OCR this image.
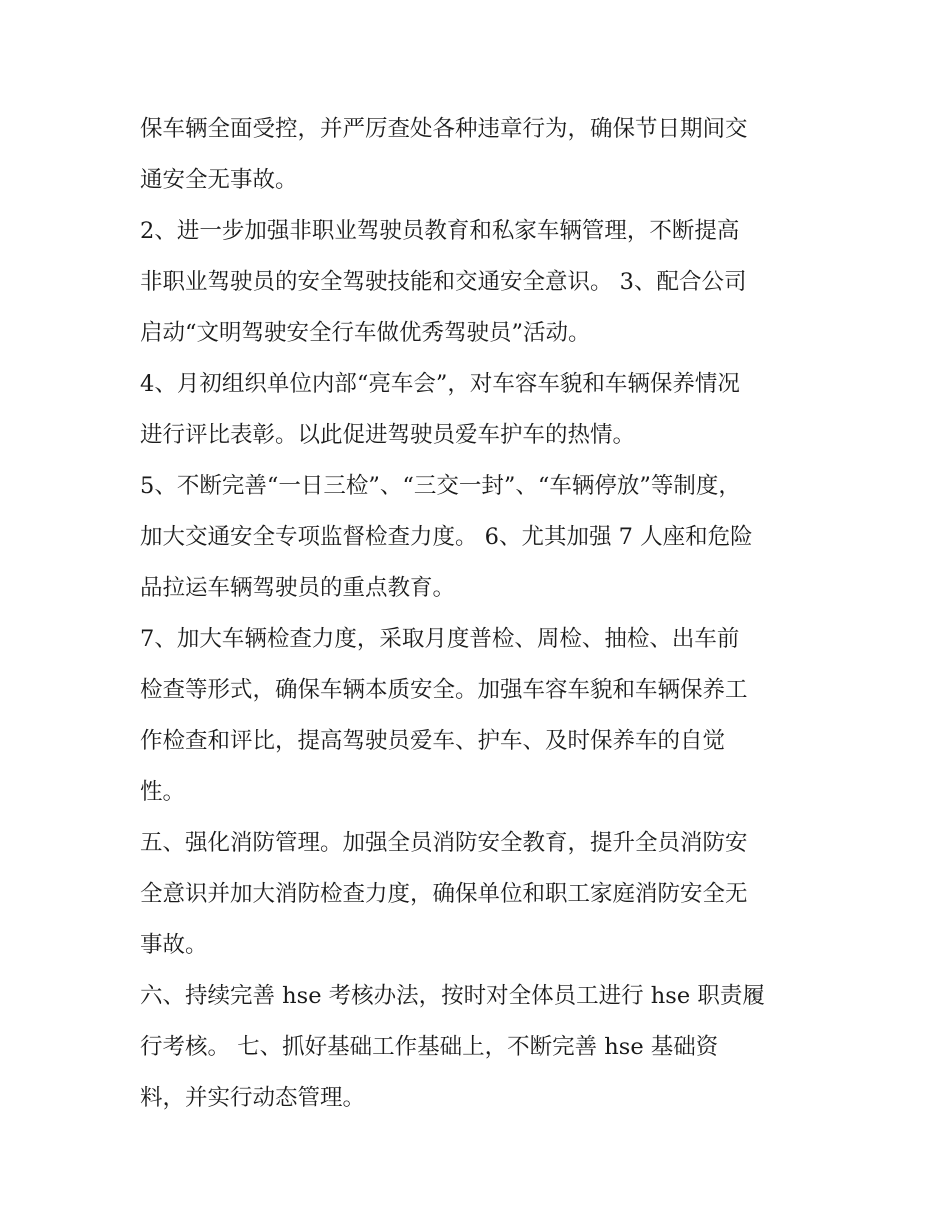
保车辆全面受控，并严厉查处各种违章行为，确保节日期间交
通安全无事故。
2、进一步加强非职业驾驶员教育和私家车辆管理，不断提高
非职业驾驶员的安全驾驶技能和交通安全意识。 3、配合公司
启动“文明驾驶安全行车做优秀驾驶员”活动。
4、月初组织单位内部“亮车会”，对车容车貌和车辆保养情况
进行评比表彰。以此促进驾驶员爱车护车的热情。
5、不断完善“一日三检”、“三交一封”、“车辆停放”等制度，
加大交通安全专项监督检查力度。 6、尤其加强 7 人座和危险
品拉运车辆驾驶员的重点教育。
7、加大车辆检查力度，采取月度普检、周检、抽检、出车前
检查等形式，确保车辆本质安全。加强车容车貌和车辆保养工
作检查和评比，提高驾驶员爱车、护车、及时保养车的自觉
性。
五、强化消防管理。加强全员消防安全教育，提升全员消防安
全意识并加大消防检查力度，确保单位和职工家庭消防安全无
事故。
六、持续完善 hse 考核办法，按时对全体员工进行 hse 职责履
行考核。 七、抓好基础工作基础上，不断完善 hse 基础资
料，并实行动态管理。
